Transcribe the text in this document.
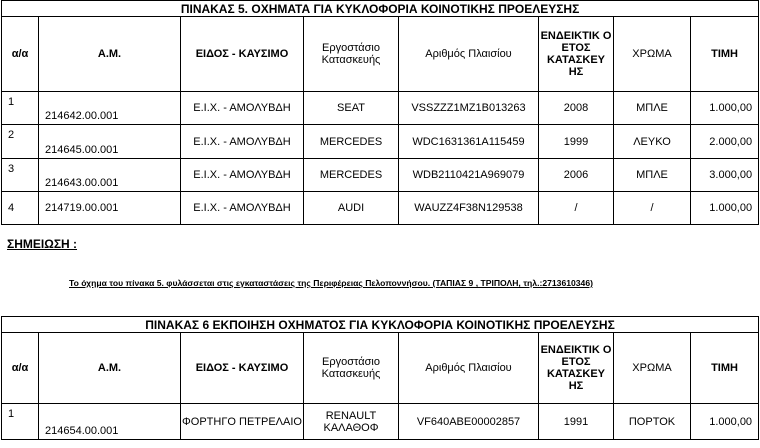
ΠΙΝΑΚΑΣ 5. ΟΧΗΜΑΤΑ ΓΙΑ ΚΥΚΛΟΦΟΡΙΑ ΚΟΙΝΟΤΙΚΗΣ ΠΡΟΕΛΕΥΣΗΣ							
α/α	Α.Μ.	ΕΙΔΟΣ - ΚΑΥΣΙΜΟ	Εργοστάσιο Κατασκευής	Αριθμός Πλαισίου	ΕΝΔΕΙΚΤΙΚ Ο ΕΤΟΣ ΚΑΤΑΣΚΕΥ ΗΣ	ΧΡΩΜΑ	ΤΙΜΗ
1	214642.00.001	Ε.Ι.Χ. - ΑΜΟΛΥΒΔΗ	SEAT	VSSZZZ1MZ1B013263	2008	ΜΠΛΕ	1.000,00
2	214645.00.001	Ε.Ι.Χ. - ΑΜΟΛΥΒΔΗ	MERCEDES	WDC1631361A115459	1999	ΛΕΥΚΟ	2.000,00
3	214643.00.001	Ε.Ι.Χ. - ΑΜΟΛΥΒΔΗ	MERCEDES	WDB2110421A969079	2006	ΜΠΛΕ	3.000,00
4	214719.00.001	Ε.Ι.Χ. - ΑΜΟΛΥΒΔΗ	AUDI	WAUZZ4F38N129538	/	/	1.000,00
ΣΗΜΕΙΩΣΗ :
Το όχημα του πίνακα 5. φυλάσσεται στις εγκαταστάσεις της Περιφέρειας Πελοποννήσου. (ΤΑΠΙΑΣ 9 , ΤΡΙΠΟΛΗ, τηλ.:2713610346)
ΠΙΝΑΚΑΣ 6 ΕΚΠΟΙΗΣΗ ΟΧΗΜΑΤΟΣ ΓΙΑ ΚΥΚΛΟΦΟΡΙΑ ΚΟΙΝΟΤΙΚΗΣ ΠΡΟΕΛΕΥΣΗΣ							
α/α	Α.Μ.	ΕΙΔΟΣ - ΚΑΥΣΙΜΟ	Εργοστάσιο Κατασκευής	Αριθμός Πλαισίου	ΕΝΔΕΙΚΤΙΚ Ο ΕΤΟΣ ΚΑΤΑΣΚΕΥ ΗΣ	ΧΡΩΜΑ	ΤΙΜΗ
1	214654.00.001	ΦΟΡΤΗΓΟ ΠΕΤΡΕΛΑΙΟ	RENAULT ΚΑΛΑΘΟΦ	VF640ABE00002857	1991	ΠΟΡΤΟΚ	1.000,00
